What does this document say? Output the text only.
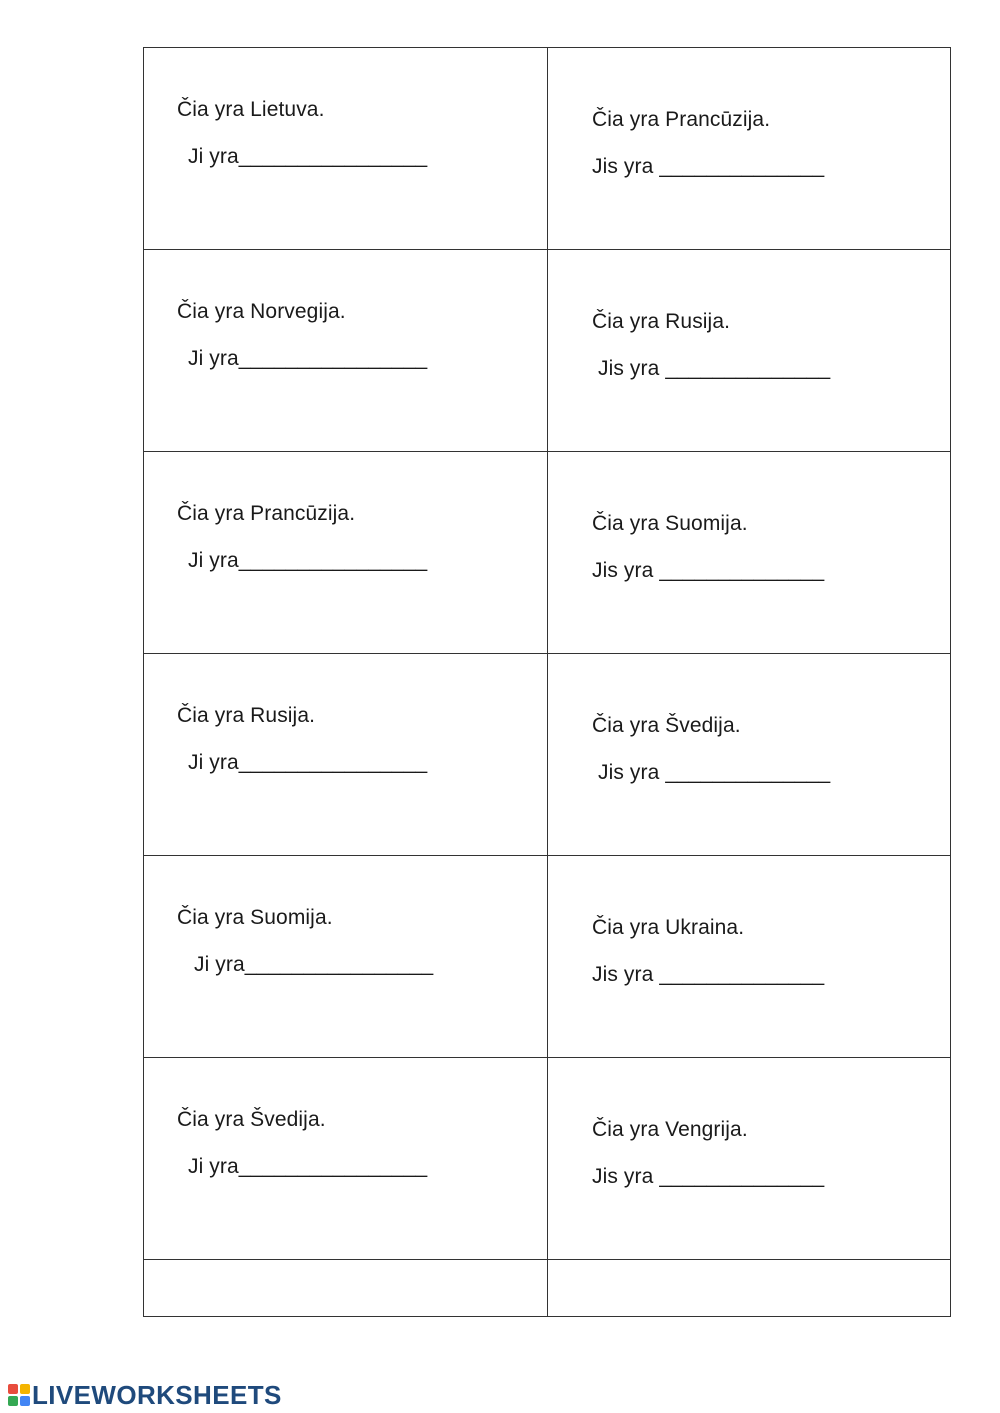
Čia yra Lietuva.
Ji yra________________
Čia yra Prancūzija.
Jis yra ______________
Čia yra Norvegija.
Ji yra________________
Čia yra Rusija.
Jis yra ______________
Čia yra Prancūzija.
Ji yra________________
Čia yra Suomija.
Jis yra ______________
Čia yra Rusija.
Ji yra________________
Čia yra Švedija.
Jis yra ______________
Čia yra Suomija.
Ji yra________________
Čia yra Ukraina.
Jis yra ______________
Čia yra Švedija.
Ji yra________________
Čia yra Vengrija.
Jis yra ______________
LIVEWORKSHEETS
